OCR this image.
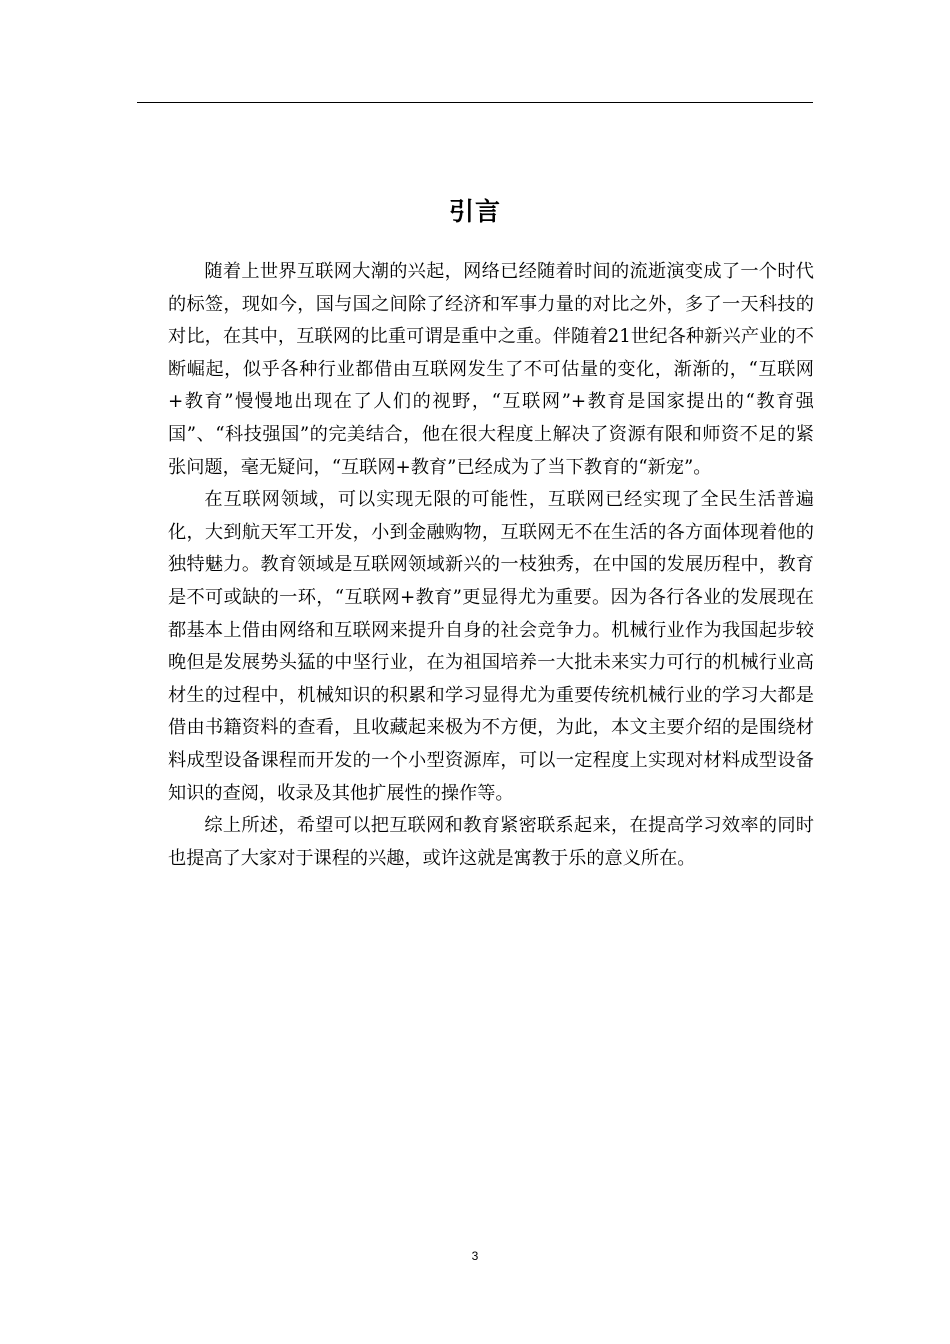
引言

随着上世界互联网大潮的兴起，网络已经随着时间的流逝演变成了一个时代的标签，现如今，国与国之间除了经济和军事力量的对比之外，多了一天科技的对比，在其中，互联网的比重可谓是重中之重。伴随着21世纪各种新兴产业的不断崛起，似乎各种行业都借由互联网发生了不可估量的变化，渐渐的，“互联网+教育”慢慢地出现在了人们的视野，“互联网”+教育是国家提出的“教育强国”、“科技强国”的完美结合，他在很大程度上解决了资源有限和师资不足的紧张问题，毫无疑问，“互联网+教育”已经成为了当下教育的“新宠”。

在互联网领域，可以实现无限的可能性，互联网已经实现了全民生活普遍化，大到航天军工开发，小到金融购物，互联网无不在生活的各方面体现着他的独特魅力。教育领域是互联网领域新兴的一枝独秀，在中国的发展历程中，教育是不可或缺的一环，“互联网+教育”更显得尤为重要。因为各行各业的发展现在都基本上借由网络和互联网来提升自身的社会竞争力。机械行业作为我国起步较晚但是发展势头猛的中坚行业，在为祖国培养一大批未来实力可行的机械行业高材生的过程中，机械知识的积累和学习显得尤为重要传统机械行业的学习大都是借由书籍资料的查看，且收藏起来极为不方便，为此，本文主要介绍的是围绕材料成型设备课程而开发的一个小型资源库，可以一定程度上实现对材料成型设备知识的查阅，收录及其他扩展性的操作等。

综上所述，希望可以把互联网和教育紧密联系起来，在提高学习效率的同时也提高了大家对于课程的兴趣，或许这就是寓教于乐的意义所在。

3
